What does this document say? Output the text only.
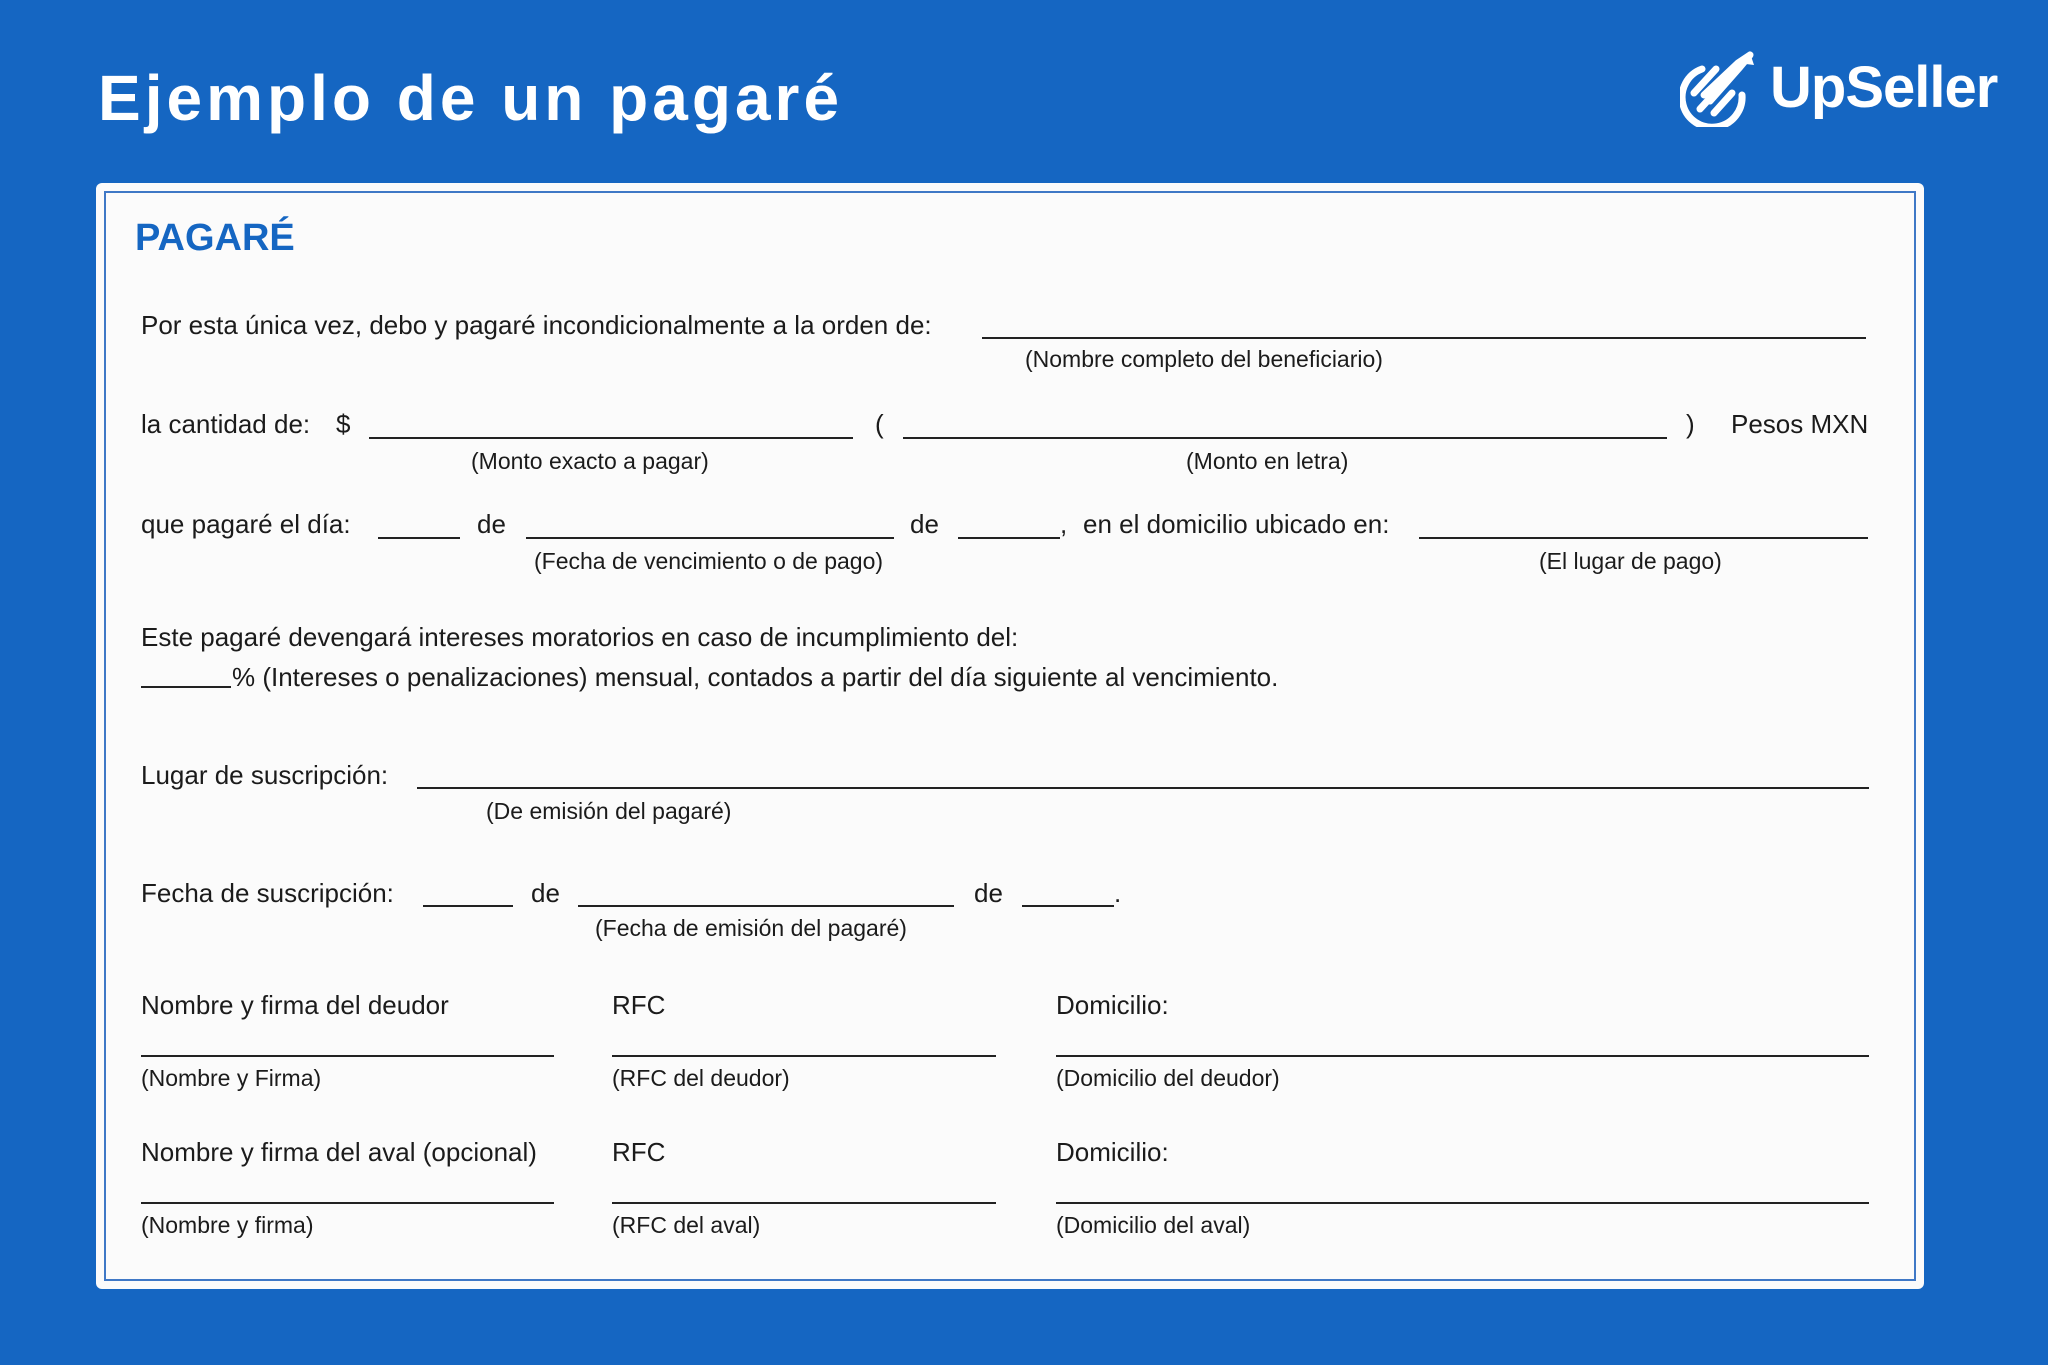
Ejemplo de un pagaré	UpSeller
PAGARÉ
Por esta única vez, debo y pagaré incondicionalmente a la orden de:
(Nombre completo del beneficiario)
la cantidad de: $	(	) Pesos MXN
(Monto exacto a pagar)	(Monto en letra)
que pagaré el día:	de	de	, en el domicilio ubicado en:
(Fecha de vencimiento o de pago)	(El lugar de pago)
Este pagaré devengará intereses moratorios en caso de incumplimiento del:
% (Intereses o penalizaciones) mensual, contados a partir del día siguiente al vencimiento.
Lugar de suscripción:
(De emisión del pagaré)
Fecha de suscripción:	de	de	.
(Fecha de emisión del pagaré)
Nombre y firma del deudor	RFC	Domicilio:
(Nombre y Firma)	(RFC del deudor)	(Domicilio del deudor)
Nombre y firma del aval (opcional)	RFC	Domicilio:
(Nombre y firma)	(RFC del aval)	(Domicilio del aval)
